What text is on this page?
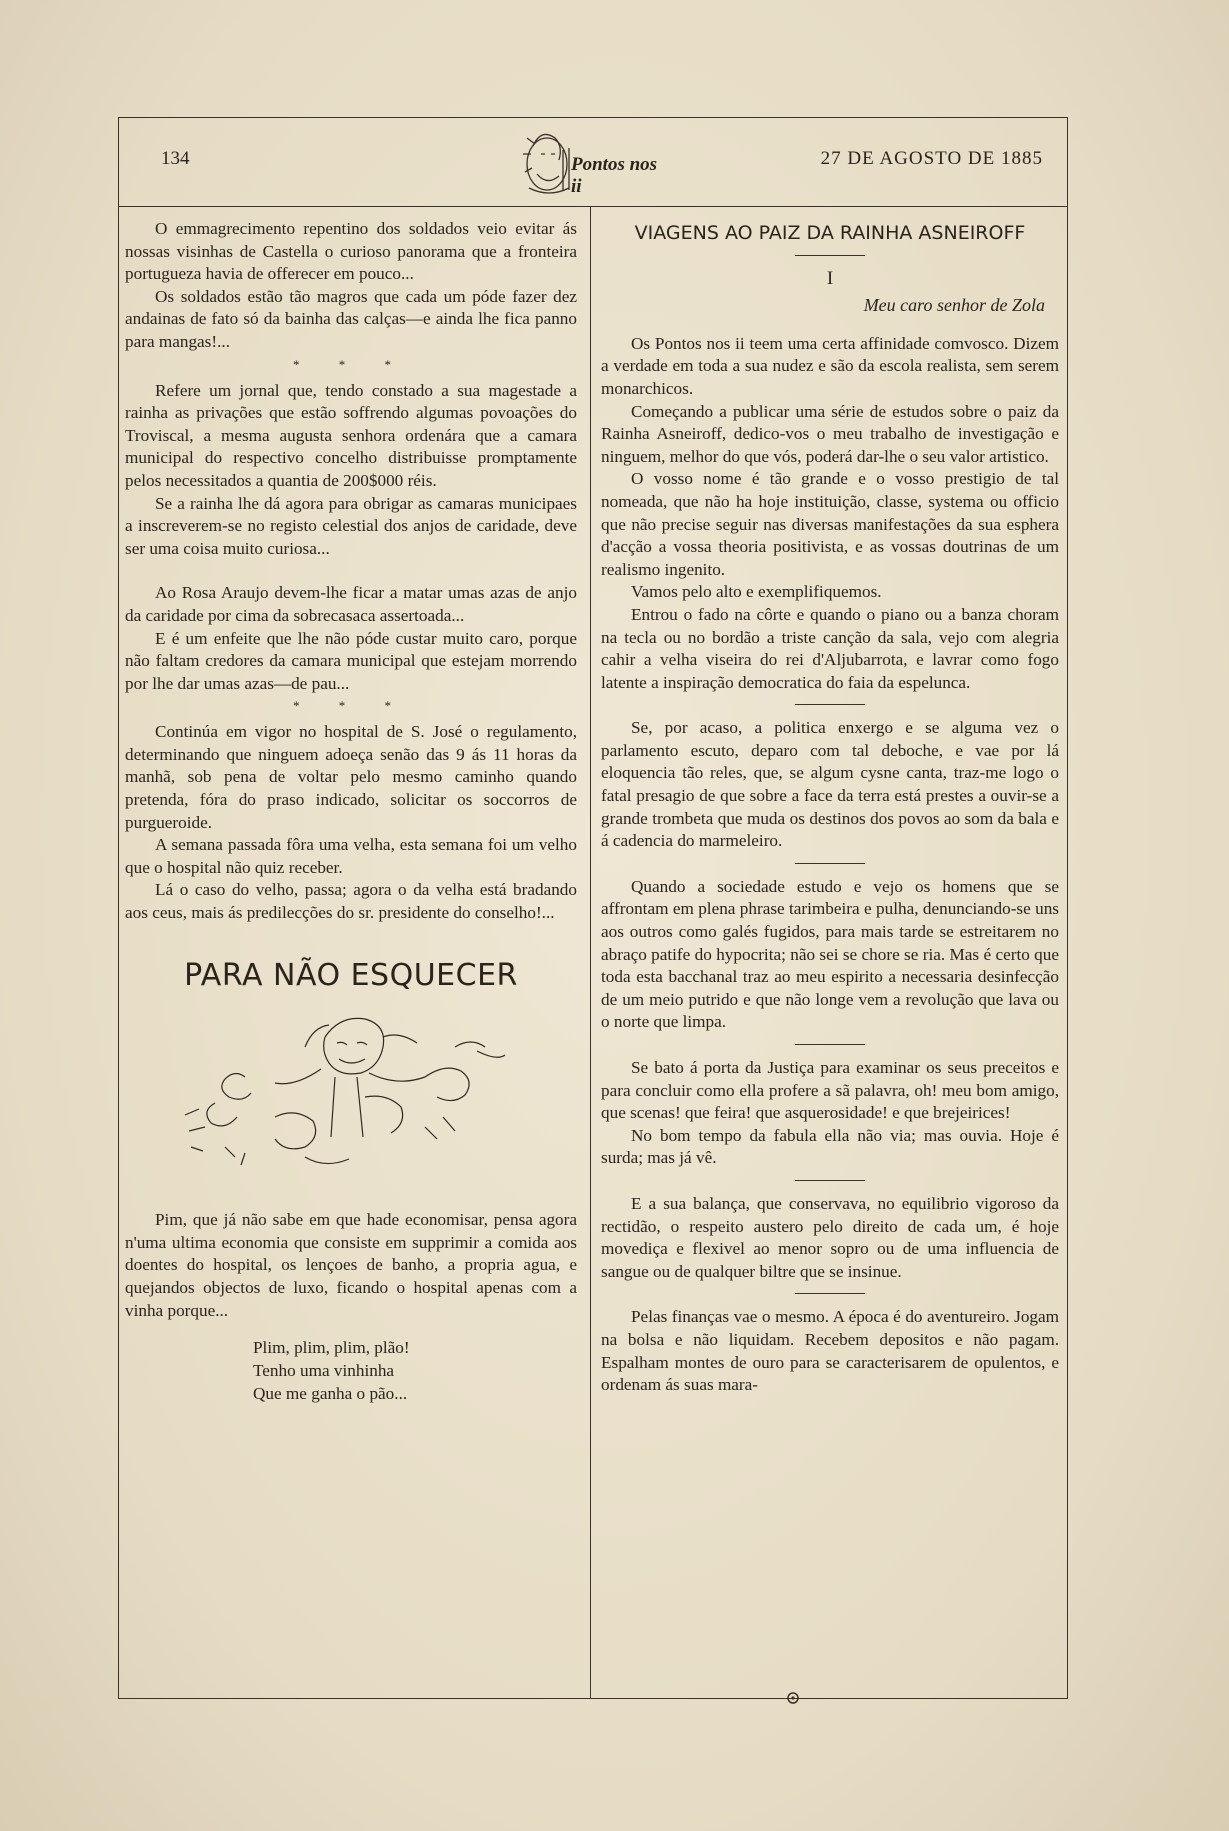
134	Pontos nos ii
27 DE AGOSTO DE 1885

O emmagrecimento repentino dos soldados veio evitar ás nossas visinhas de Castella o curioso panorama que a fronteira portugueza havia de offerecer em pouco...

Os soldados estão tão magros que cada um póde fazer dez andainas de fato só da bainha das calças—e ainda lhe fica panno para mangas!...

* * *

Refere um jornal que, tendo constado a sua magestade a rainha as privações que estão soffrendo algumas povoações do Troviscal, a mesma augusta senhora ordenára que a camara municipal do respectivo concelho distribuisse promptamente pelos necessitados a quantia de 200$000 réis.

Se a rainha lhe dá agora para obrigar as camaras municipaes a inscreverem-se no registo celestial dos anjos de caridade, deve ser uma coisa muito curiosa...

Ao Rosa Araujo devem-lhe ficar a matar umas azas de anjo da caridade por cima da sobrecasaca assertoada...

E é um enfeite que lhe não póde custar muito caro, porque não faltam credores da camara municipal que estejam morrendo por lhe dar umas azas—de pau...

* * *

Continúa em vigor no hospital de S. José o regulamento, determinando que ninguem adoeça senão das 9 ás 11 horas da manhã, sob pena de voltar pelo mesmo caminho quando pretenda, fóra do praso indicado, solicitar os soccorros de purgueroide.

A semana passada fôra uma velha, esta semana foi um velho que o hospital não quiz receber.

Lá o caso do velho, passa; agora o da velha está bradando aos ceus, mais ás predilecções do sr. presidente do conselho!...

PARA NÃO ESQUECER

Pim, que já não sabe em que hade economisar, pensa agora n'uma ultima economia que consiste em supprimir a comida aos doentes do hospital, os lençoes de banho, a propria agua, e quejandos objectos de luxo, ficando o hospital apenas com a vinha porque...

Plim, plim, plim, plão!
Tenho uma vinhinha
Que me ganha o pão...
VIAGENS AO PAIZ DA RAINHA ASNEIROFF
I
Meu caro senhor de Zola

Os Pontos nos ii teem uma certa affinidade comvosco. Dizem a verdade em toda a sua nudez e são da escola realista, sem serem monarchicos.

Começando a publicar uma série de estudos sobre o paiz da Rainha Asneiroff, dedico-vos o meu trabalho de investigação e ninguem, melhor do que vós, poderá dar-lhe o seu valor artistico.

O vosso nome é tão grande e o vosso prestigio de tal nomeada, que não ha hoje instituição, classe, systema ou officio que não precise seguir nas diversas manifestações da sua esphera d'acção a vossa theoria positivista, e as vossas doutrinas de um realismo ingenito.

Vamos pelo alto e exemplifiquemos.

Entrou o fado na côrte e quando o piano ou a banza choram na tecla ou no bordão a triste canção da sala, vejo com alegria cahir a velha viseira do rei d'Aljubarrota, e lavrar como fogo latente a inspiração democratica do faia da espelunca.

Se, por acaso, a politica enxergo e se alguma vez o parlamento escuto, deparo com tal deboche, e vae por lá eloquencia tão reles, que, se algum cysne canta, traz-me logo o fatal presagio de que sobre a face da terra está prestes a ouvir-se a grande trombeta que muda os destinos dos povos ao som da bala e á cadencia do marmeleiro.

Quando a sociedade estudo e vejo os homens que se affrontam em plena phrase tarimbeira e pulha, denunciando-se uns aos outros como galés fugidos, para mais tarde se estreitarem no abraço patife do hypocrita; não sei se chore se ria. Mas é certo que toda esta bacchanal traz ao meu espirito a necessaria desinfecção de um meio putrido e que não longe vem a revolução que lava ou o norte que limpa.

Se bato á porta da Justiça para examinar os seus preceitos e para concluir como ella profere a sã palavra, oh! meu bom amigo, que scenas! que feira! que asquerosidade! e que brejeirices!

No bom tempo da fabula ella não via; mas ouvia. Hoje é surda; mas já vê.

E a sua balança, que conservava, no equilibrio vigoroso da rectidão, o respeito austero pelo direito de cada um, é hoje movediça e flexivel ao menor sopro ou de uma influencia de sangue ou de qualquer biltre que se insinue.

Pelas finanças vae o mesmo. A época é do aventureiro. Jogam na bolsa e não liquidam. Recebem depositos e não pagam. Espalham montes de ouro para se caracterisarem de opulentos, e ordenam ás suas mara-
